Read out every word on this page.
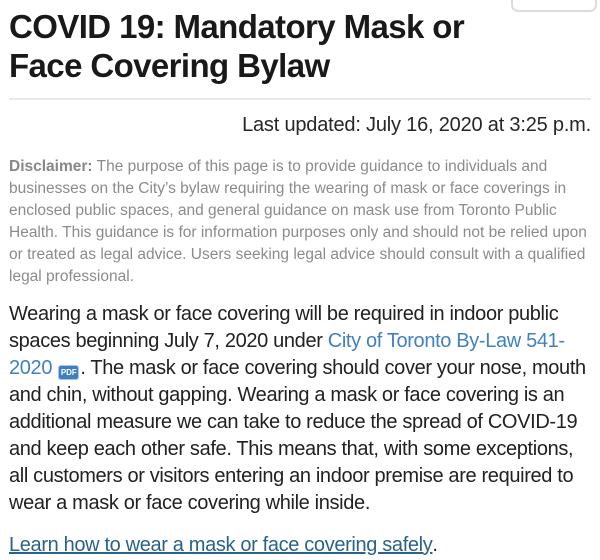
COVID 19: Mandatory Mask or
Face Covering Bylaw
Last updated: July 16, 2020 at 3:25 p.m.

Disclaimer: The purpose of this page is to provide guidance to individuals and businesses on the City’s bylaw requiring the wearing of mask or face coverings in enclosed public spaces, and general guidance on mask use from Toronto Public Health. This guidance is for information purposes only and should not be relied upon or treated as legal advice. Users seeking legal advice should consult with a qualified legal professional.

Wearing a mask or face covering will be required in indoor public spaces beginning July 7, 2020 under City of Toronto By-Law 541-2020 PDF . The mask or face covering should cover your nose, mouth and chin, without gapping. Wearing a mask or face covering is an additional measure we can take to reduce the spread of COVID-19 and keep each other safe. This means that, with some exceptions, all customers or visitors entering an indoor premise are required to wear a mask or face covering while inside.

Learn how to wear a mask or face covering safely.
